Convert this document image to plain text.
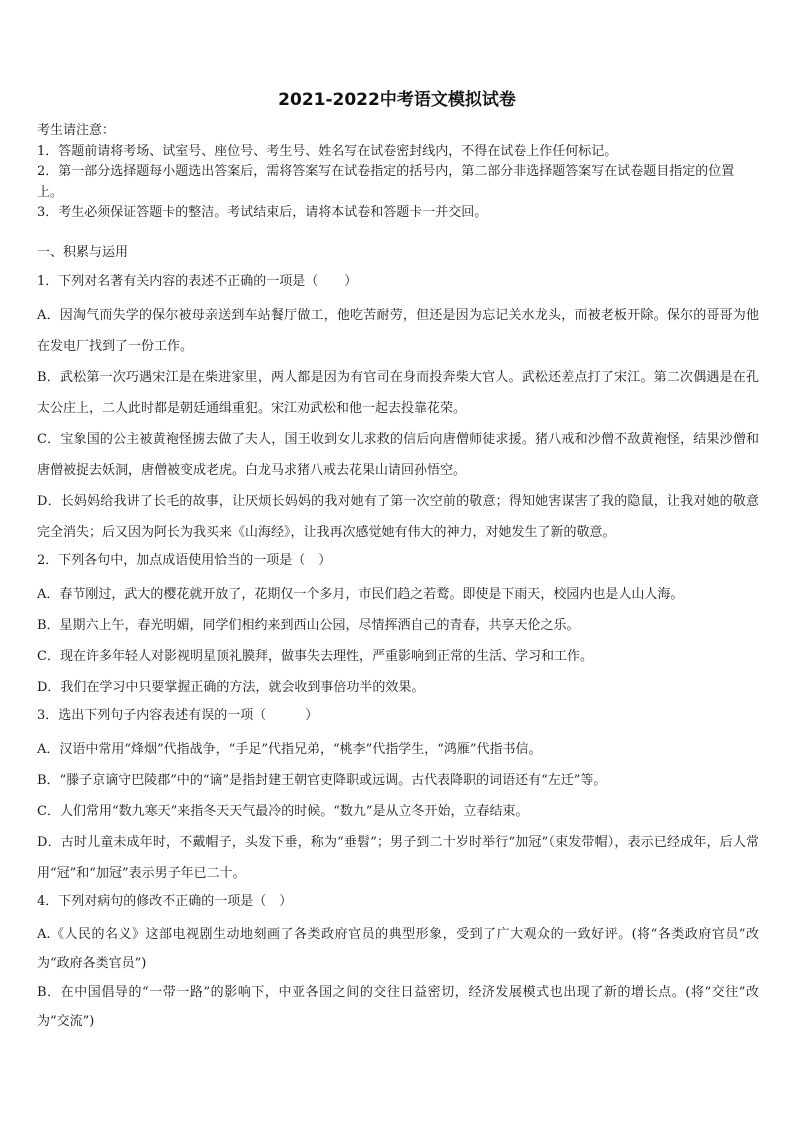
2021-2022中考语文模拟试卷
考生请注意：
1．答题前请将考场、试室号、座位号、考生号、姓名写在试卷密封线内，不得在试卷上作任何标记。
2．第一部分选择题每小题选出答案后，需将答案写在试卷指定的括号内，第二部分非选择题答案写在试卷题目指定的位置上。
3．考生必须保证答题卡的整洁。考试结束后，请将本试卷和答题卡一并交回。
一、积累与运用
1．下列对名著有关内容的表述不正确的一项是（　　）
A．因淘气而失学的保尔被母亲送到车站餐厅做工，他吃苦耐劳，但还是因为忘记关水龙头，而被老板开除。保尔的哥哥为他在发电厂找到了一份工作。
B．武松第一次巧遇宋江是在柴进家里，两人都是因为有官司在身而投奔柴大官人。武松还差点打了宋江。第二次偶遇是在孔太公庄上，二人此时都是朝廷通缉重犯。宋江劝武松和他一起去投靠花荣。
C．宝象国的公主被黄袍怪掳去做了夫人，国王收到女儿求救的信后向唐僧师徒求援。猪八戒和沙僧不敌黄袍怪，结果沙僧和唐僧被捉去妖洞，唐僧被变成老虎。白龙马求猪八戒去花果山请回孙悟空。
D．长妈妈给我讲了长毛的故事，让厌烦长妈妈的我对她有了第一次空前的敬意；得知她害谋害了我的隐鼠，让我对她的敬意完全消失；后又因为阿长为我买来《山海经》，让我再次感觉她有伟大的神力，对她发生了新的敬意。
2．下列各句中，加点成语使用恰当的一项是（　）
A．春节刚过，武大的樱花就开放了，花期仅一个多月，市民们趋之若鹜。即使是下雨天，校园内也是人山人海。
B．星期六上午，春光明媚，同学们相约来到西山公园，尽情挥洒自己的青春，共享天伦之乐。
C．现在许多年轻人对影视明星顶礼膜拜，做事失去理性，严重影响到正常的生活、学习和工作。
D．我们在学习中只要掌握正确的方法，就会收到事倍功半的效果。
3．选出下列句子内容表述有误的一项（　　　）
A．汉语中常用“烽烟”代指战争，“手足”代指兄弟，“桃李”代指学生，“鸿雁”代指书信。
B．“滕子京谪守巴陵郡”中的“谪”是指封建王朝官吏降职或远调。古代表降职的词语还有“左迁”等。
C．人们常用“数九寒天”来指冬天天气最冷的时候。“数九”是从立冬开始，立春结束。
D．古时儿童未成年时，不戴帽子，头发下垂，称为“垂髫”；男子到二十岁时举行“加冠”（束发带帽），表示已经成年，后人常用“冠”和“加冠”表示男子年已二十。
4．下列对病句的修改不正确的一项是（　）
A.《人民的名义》这部电视剧生动地刻画了各类政府官员的典型形象，受到了广大观众的一致好评。(将“各类政府官员”改为“政府各类官员”)
B．在中国倡导的“一带一路”的影响下，中亚各国之间的交往日益密切，经济发展模式也出现了新的增长点。(将“交往”改为“交流”)
